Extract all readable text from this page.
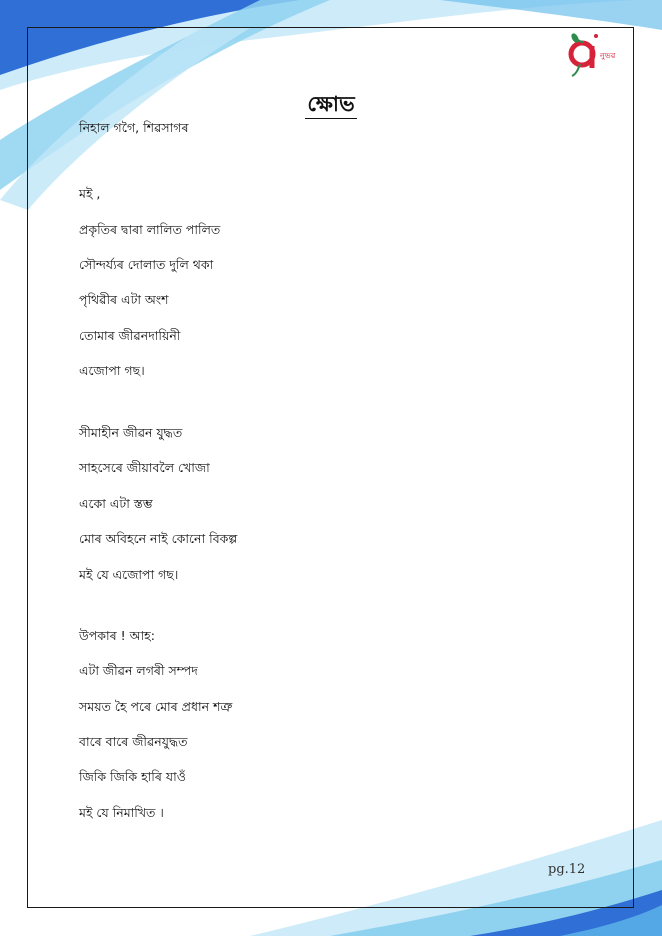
নুভৱ
ক্ষোভ
নিহাল গগৈ, শিৱসাগৰ
মই ,
প্ৰকৃতিৰ দ্বাৰা লালিত পালিত
সৌন্দৰ্য্যৰ দোলাত দুলি থকা
পৃথিৱীৰ এটা অংশ
তোমাৰ জীৱনদায়িনী
এজোপা গছ।
সীমাহীন জীৱন যুদ্ধত
সাহসেৰে জীয়াবলৈ খোজা
একো এটা স্তম্ভ
মোৰ অবিহনে নাই কোনো বিকল্প
মই যে এজোপা গছ।
উপকাৰ ! আহ:
এটা জীৱন লগৰী সম্পদ
সময়ত হৈ পৰে মোৰ প্ৰধান শত্ৰু
বাৰে বাৰে জীৱনযুদ্ধত
জিকি জিকি হাৰি যাওঁ
মই যে নিমাখিত ।
pg.12
